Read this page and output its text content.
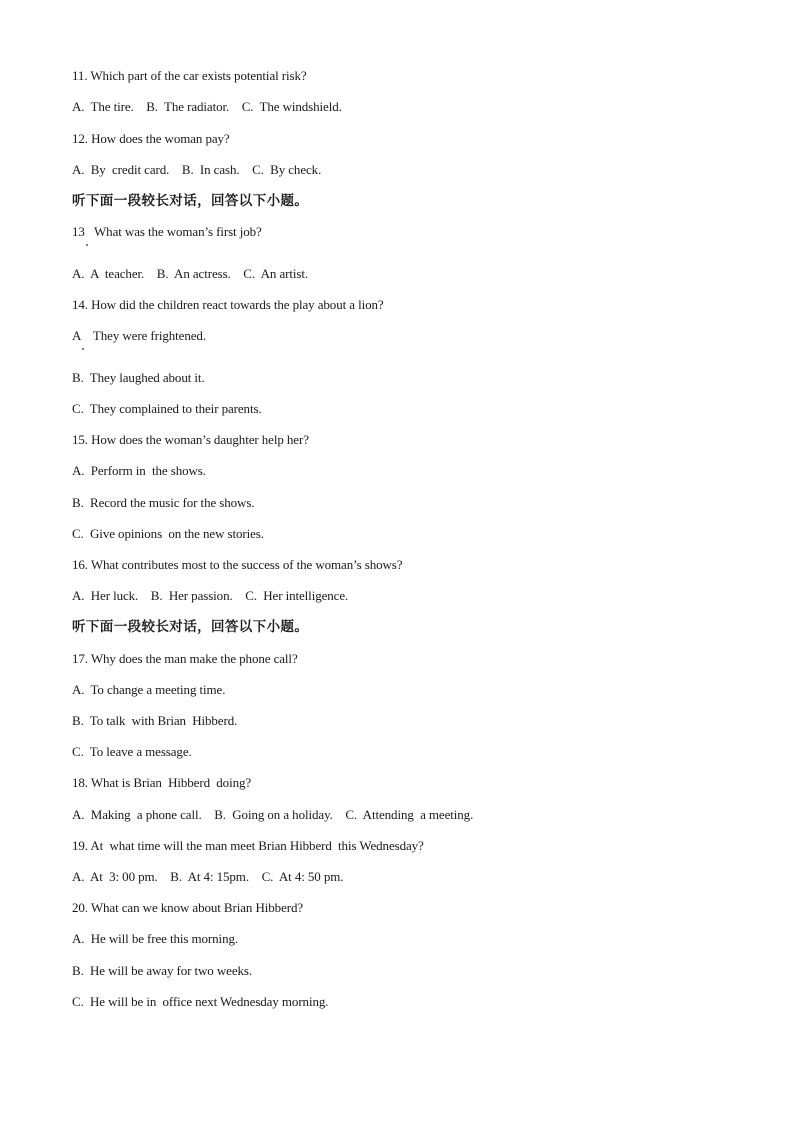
11. Which part of the car exists potential risk?
A.  The tire.    B.  The radiator.    C.  The windshield.
12. How does the woman pay?
A.  By  credit card.    B.  In cash.    C.  By check.
听下面一段较长对话，回答以下小题。
13   What was the woman’s first job?
A.  A  teacher.    B.  An actress.    C.  An artist.
14. How did the children react towards the play about a lion?
A    They were frightened.
B.  They laughed about it.
C.  They complained to their parents.
15. How does the woman’s daughter help her?
A.  Perform in  the shows.
B.  Record the music for the shows.
C.  Give opinions  on the new stories.
16. What contributes most to the success of the woman’s shows?
A.  Her luck.    B.  Her passion.    C.  Her intelligence.
听下面一段较长对话，回答以下小题。
17. Why does the man make the phone call?
A.  To change a meeting time.
B.  To talk  with Brian  Hibberd.
C.  To leave a message.
18. What is Brian  Hibberd  doing?
A.  Making  a phone call.    B.  Going on a holiday.    C.  Attending  a meeting.
19. At  what time will the man meet Brian Hibberd  this Wednesday?
A.  At  3: 00 pm.    B.  At 4: 15pm.    C.  At 4: 50 pm.
20. What can we know about Brian Hibberd?
A.  He will be free this morning.
B.  He will be away for two weeks.
C.  He will be in  office next Wednesday morning.
